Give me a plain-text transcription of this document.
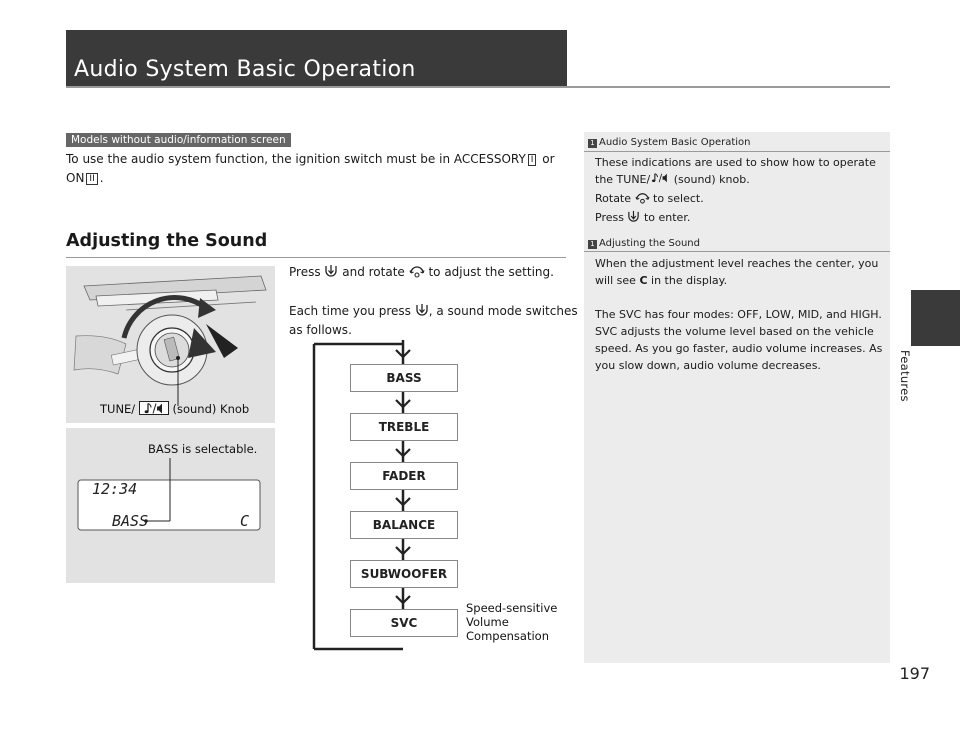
Audio System Basic Operation
Features
197
Models without audio/information screen
To use the audio system function, the ignition switch must be in ACCESSORY I or
ON II .
Adjusting the Sound
TUNE/	(sound) Knob
BASS is selectable.
12:34
BASS	C
Press and rotate to adjust the setting.
Each time you press , a sound mode switches as follows.
BASS
TREBLE
FADER
BALANCE
SUBWOOFER
SVC
Speed-sensitive
Volume
Compensation
1 Audio System Basic Operation
These indications are used to show how to operate
the TUNE/ (sound) knob.
Rotate to select.
Press to enter.
1 Adjusting the Sound
When the adjustment level reaches the center, you
will see C in the display.
The SVC has four modes: OFF, LOW, MID, and HIGH. SVC adjusts the volume level based on the vehicle speed. As you go faster, audio volume increases. As you slow down, audio volume decreases.
